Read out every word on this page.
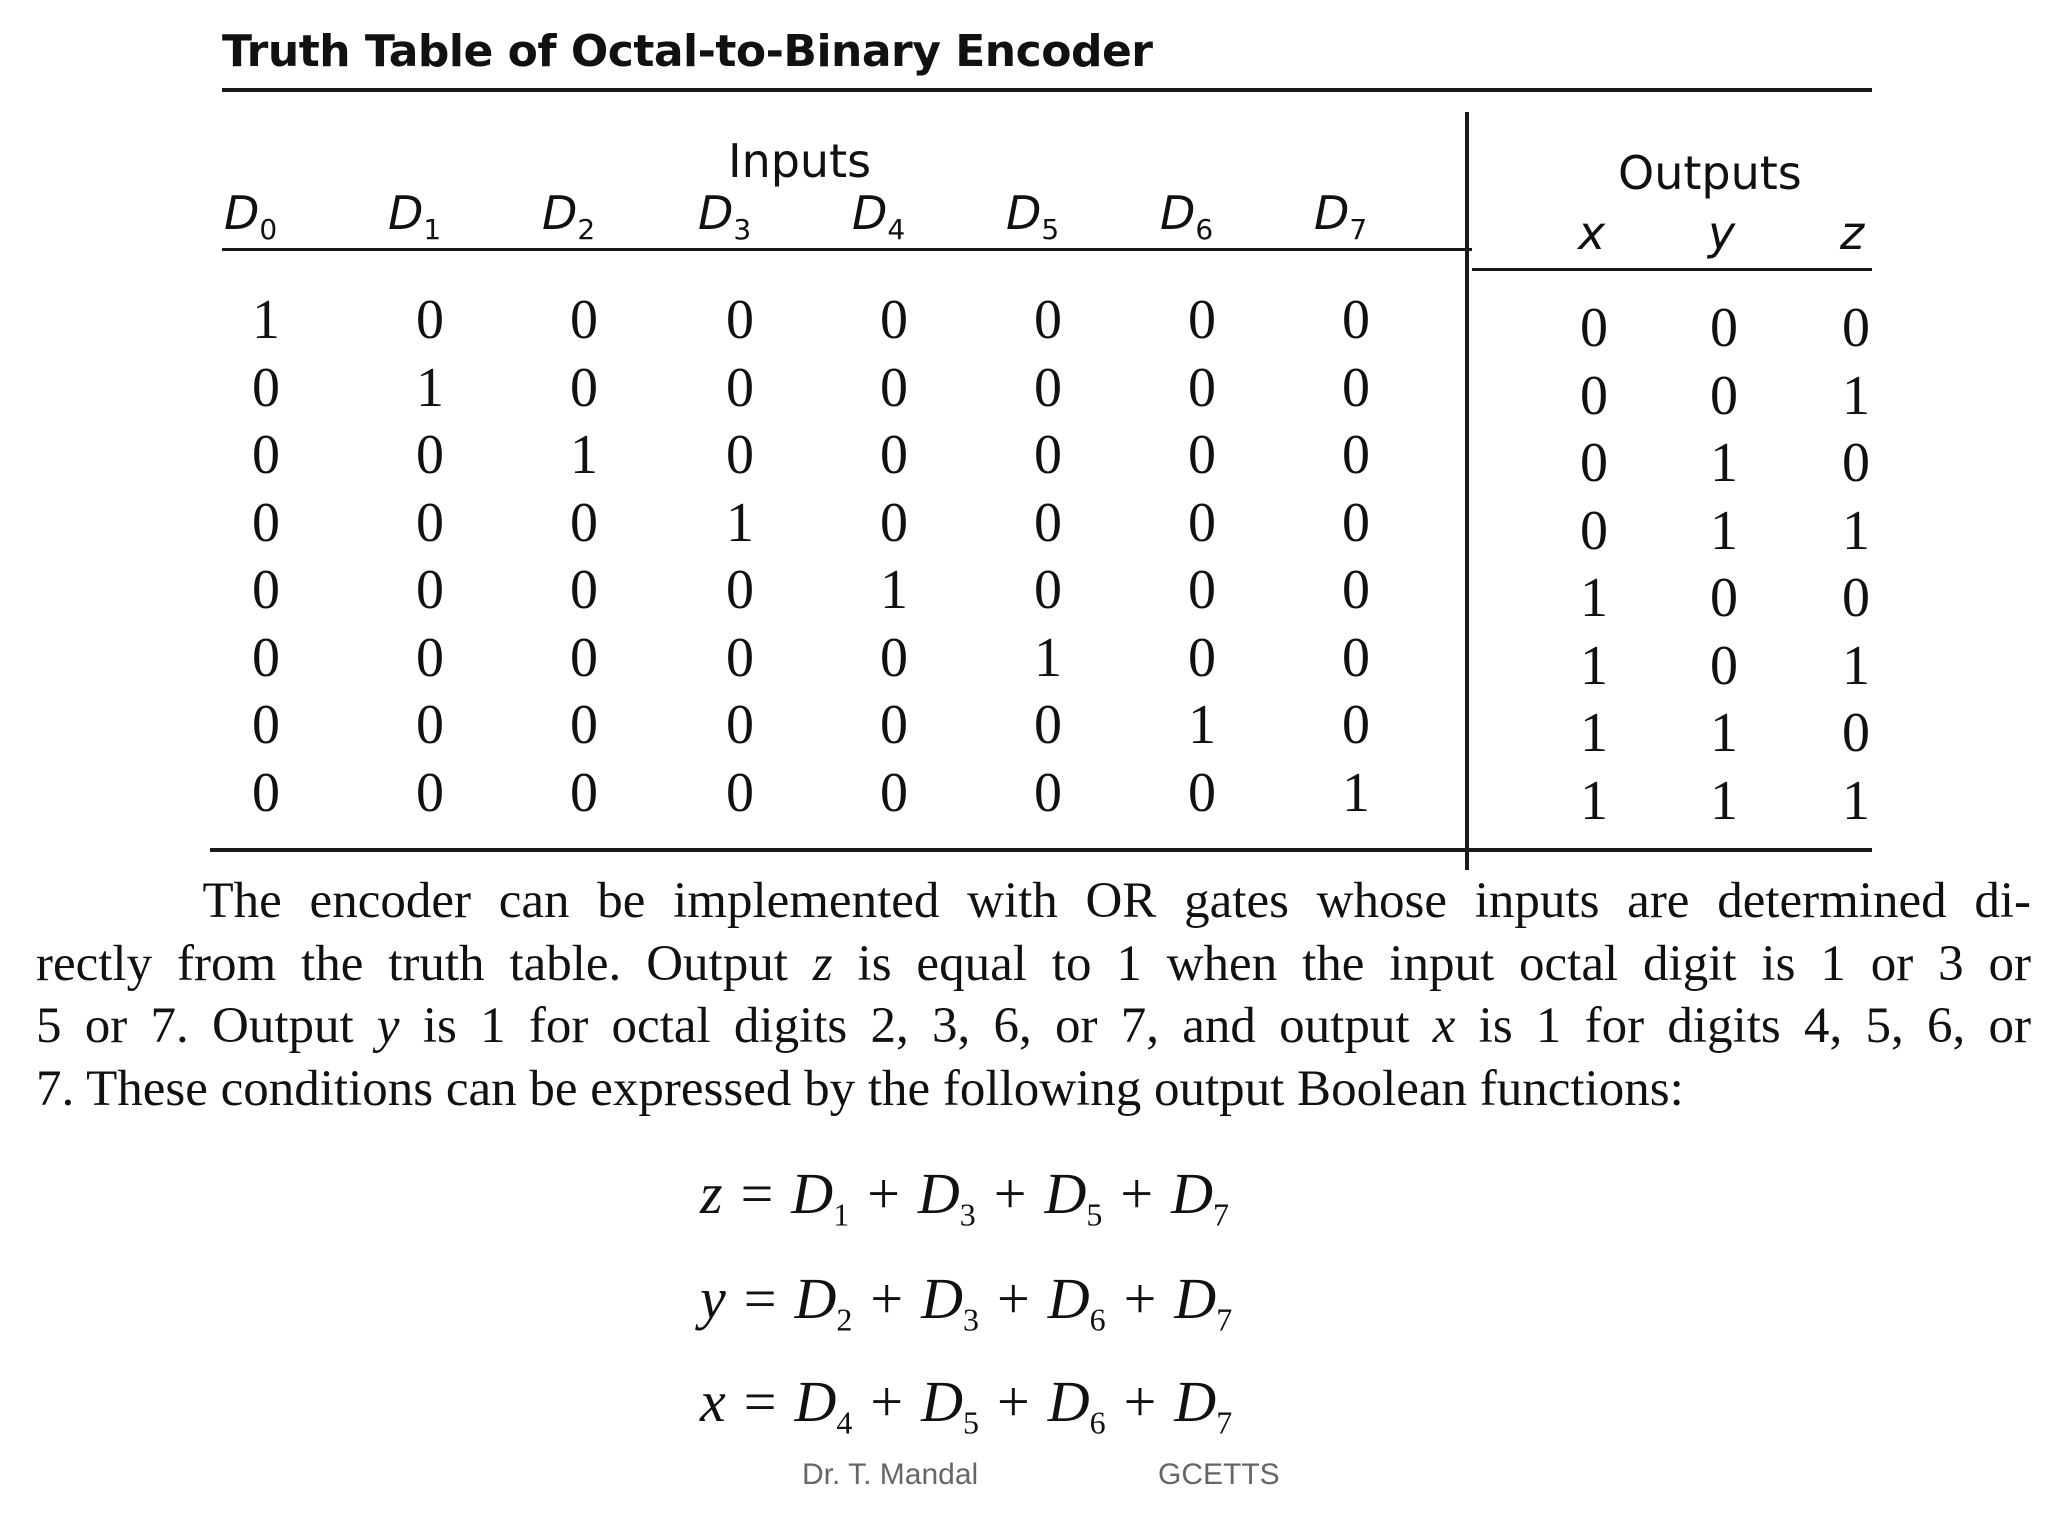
Truth Table of Octal-to-Binary Encoder
Inputs	Outputs
$D_0$ $D_1$ $D_2$ $D_3$ $D_4$ $D_5$ $D_6$ $D_7$	x y z
1 0 0 0 0 0 0 0	0 0 0
0 1 0 0 0 0 0 0	0 0 1
0 0 1 0 0 0 0 0	0 1 0
0 0 0 1 0 0 0 0	0 1 1
0 0 0 0 1 0 0 0	1 0 0
0 0 0 0 0 1 0 0	1 0 1
0 0 0 0 0 0 1 0	1 1 0
0 0 0 0 0 0 0 1	1 1 1
The encoder can be implemented with OR gates whose inputs are determined di-
rectly from the truth table. Output z is equal to 1 when the input octal digit is 1 or 3 or
5 or 7. Output y is 1 for octal digits 2, 3, 6, or 7, and output x is 1 for digits 4, 5, 6, or
7. These conditions can be expressed by the following output Boolean functions:
$z = D_1 + D_3 + D_5 + D_7$
$y = D_2 + D_3 + D_6 + D_7$
$x = D_4 + D_5 + D_6 + D_7$
Dr. T. Mandal	GCETTS
